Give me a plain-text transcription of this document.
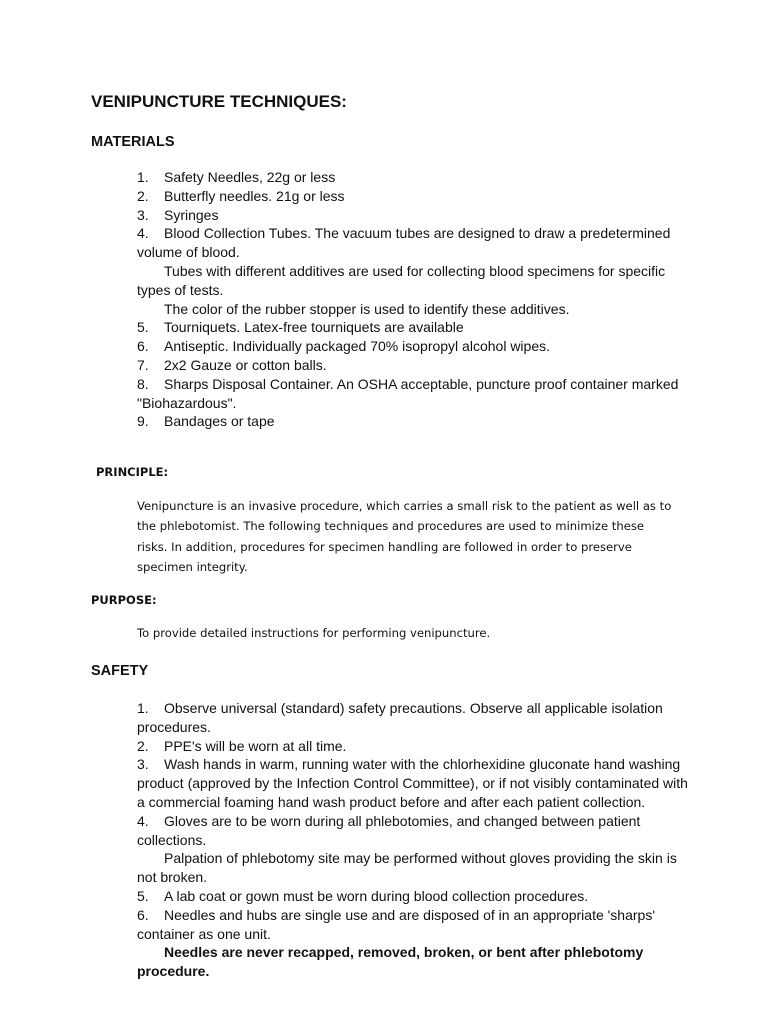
VENIPUNCTURE TECHNIQUES:
MATERIALS

1. Safety Needles, 22g or less

2. Butterfly needles. 21g or less

3. Syringes

4. Blood Collection Tubes. The vacuum tubes are designed to draw a predetermined volume of blood.

Tubes with different additives are used for collecting blood specimens for specific types of tests.

The color of the rubber stopper is used to identify these additives.

5. Tourniquets. Latex-free tourniquets are available

6. Antiseptic. Individually packaged 70% isopropyl alcohol wipes.

7. 2x2 Gauze or cotton balls.

8. Sharps Disposal Container. An OSHA acceptable, puncture proof container marked "Biohazardous".

9. Bandages or tape

PRINCIPLE:
Venipuncture is an invasive procedure, which carries a small risk to the patient as well as to the phlebotomist. The following techniques and procedures are used to minimize these risks. In addition, procedures for specimen handling are followed in order to preserve specimen integrity.
PURPOSE:
To provide detailed instructions for performing venipuncture.
SAFETY

1. Observe universal (standard) safety precautions. Observe all applicable isolation procedures.

2. PPE's will be worn at all time.

3. Wash hands in warm, running water with the chlorhexidine gluconate hand washing product (approved by the Infection Control Committee), or if not visibly contaminated with a commercial foaming hand wash product before and after each patient collection.

4. Gloves are to be worn during all phlebotomies, and changed between patient collections.

Palpation of phlebotomy site may be performed without gloves providing the skin is not broken.

5. A lab coat or gown must be worn during blood collection procedures.

6. Needles and hubs are single use and are disposed of in an appropriate 'sharps' container as one unit.

Needles are never recapped, removed, broken, or bent after phlebotomy procedure.
